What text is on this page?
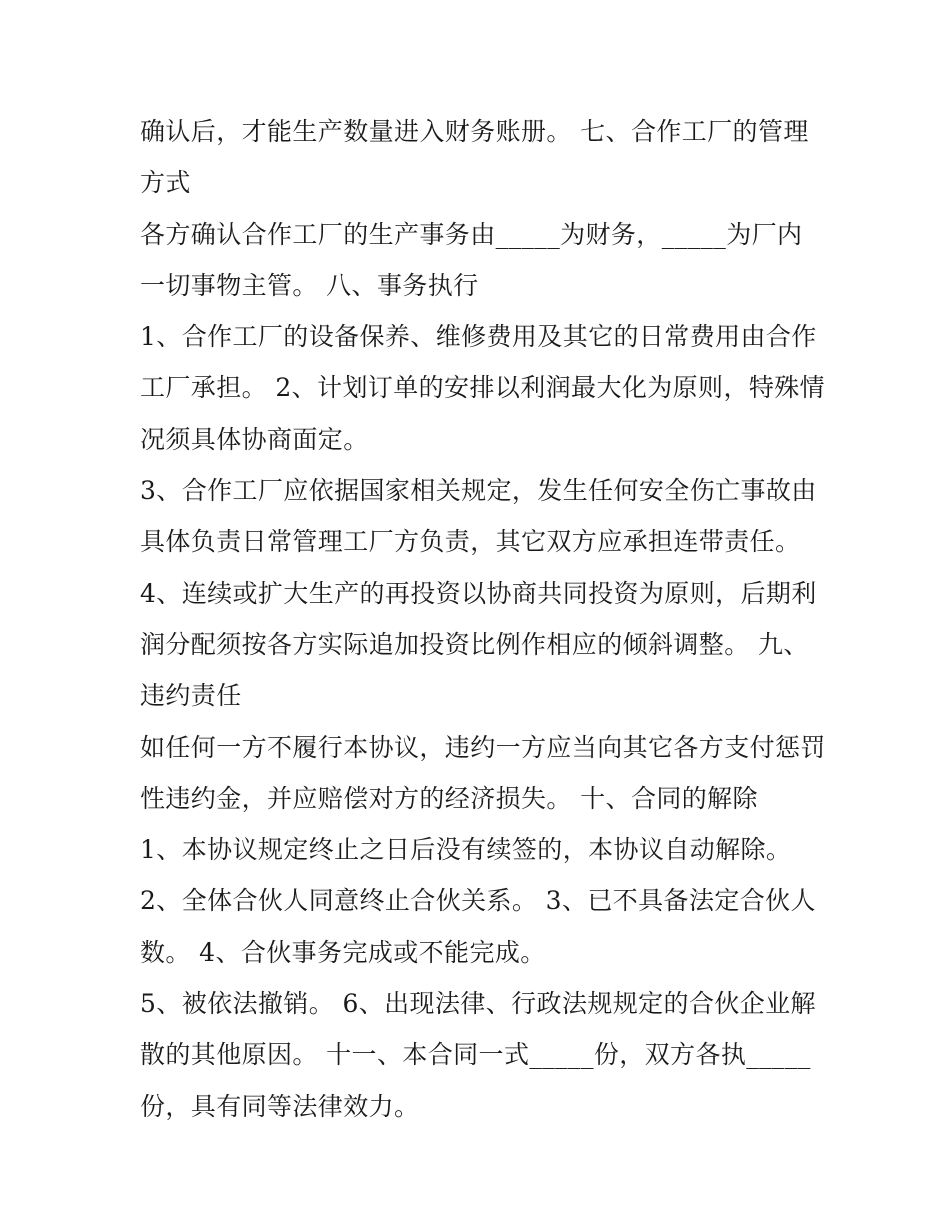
确认后，才能生产数量进入财务账册。 七、合作工厂的管理
方式
各方确认合作工厂的生产事务由_____为财务，_____为厂内
一切事物主管。 八、事务执行
1、合作工厂的设备保养、维修费用及其它的日常费用由合作
工厂承担。 2、计划订单的安排以利润最大化为原则，特殊情
况须具体协商面定。
3、合作工厂应依据国家相关规定，发生任何安全伤亡事故由
具体负责日常管理工厂方负责，其它双方应承担连带责任。
4、连续或扩大生产的再投资以协商共同投资为原则，后期利
润分配须按各方实际追加投资比例作相应的倾斜调整。 九、
违约责任
如任何一方不履行本协议，违约一方应当向其它各方支付惩罚
性违约金，并应赔偿对方的经济损失。 十、合同的解除
1、本协议规定终止之日后没有续签的，本协议自动解除。
2、全体合伙人同意终止合伙关系。 3、已不具备法定合伙人
数。 4、合伙事务完成或不能完成。
5、被依法撤销。 6、出现法律、行政法规规定的合伙企业解
散的其他原因。 十一、本合同一式_____份，双方各执_____
份，具有同等法律效力。
